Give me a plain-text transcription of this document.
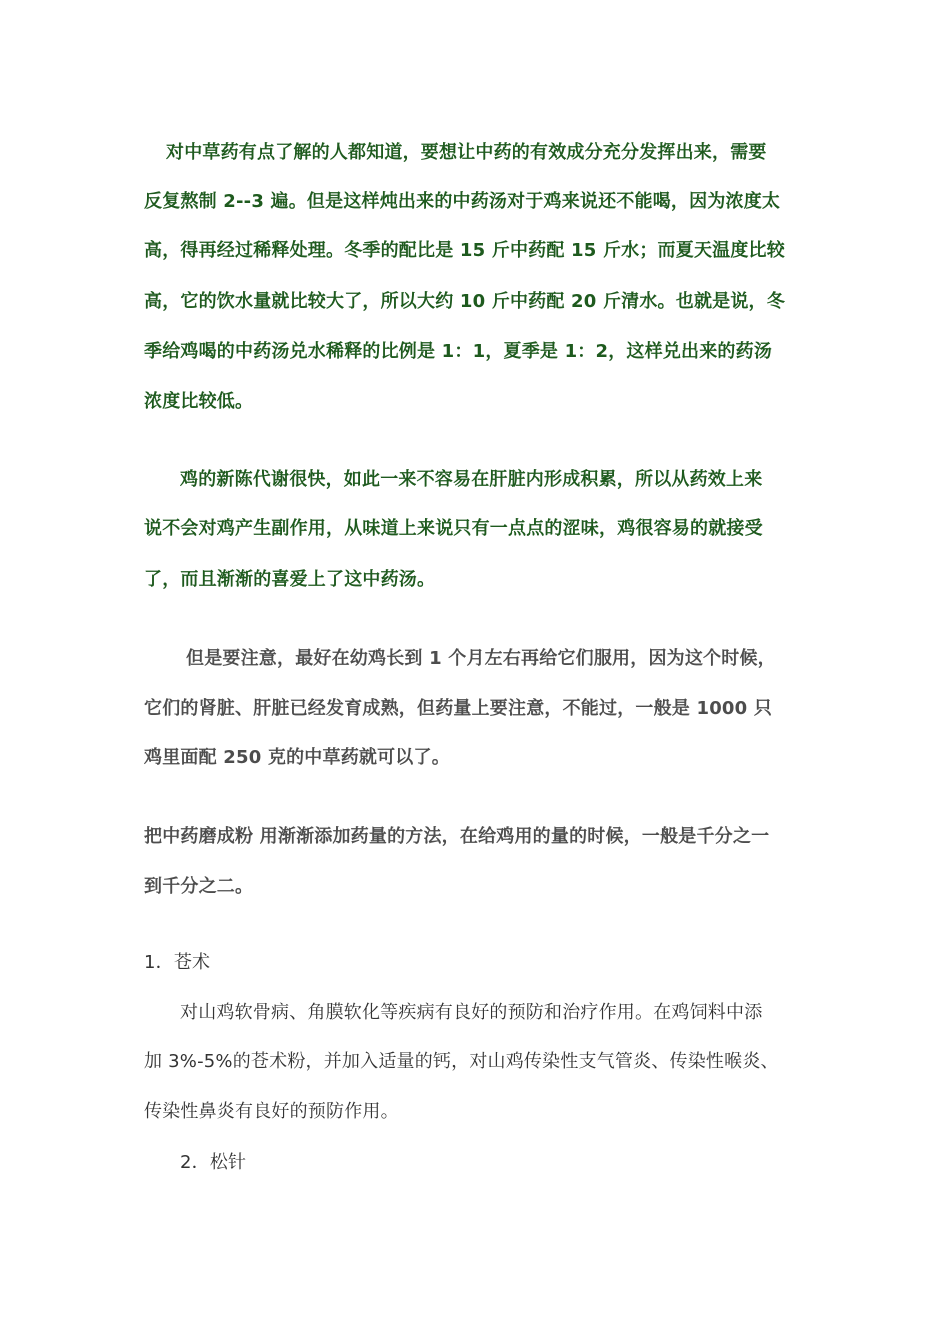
对中草药有点了解的人都知道，要想让中药的有效成分充分发挥出来，需要
反复熬制 2--3 遍。但是这样炖出来的中药汤对于鸡来说还不能喝，因为浓度太
高，得再经过稀释处理。冬季的配比是 15 斤中药配 15 斤水；而夏天温度比较
高，它的饮水量就比较大了，所以大约 10 斤中药配 20 斤清水。也就是说，冬
季给鸡喝的中药汤兑水稀释的比例是 1：1，夏季是 1：2，这样兑出来的药汤
浓度比较低。
鸡的新陈代谢很快，如此一来不容易在肝脏内形成积累，所以从药效上来
说不会对鸡产生副作用，从味道上来说只有一点点的涩味，鸡很容易的就接受
了，而且渐渐的喜爱上了这中药汤。
但是要注意，最好在幼鸡长到 1 个月左右再给它们服用，因为这个时候，
它们的肾脏、肝脏已经发育成熟，但药量上要注意，不能过，一般是 1000 只
鸡里面配 250 克的中草药就可以了。
把中药磨成粉 用渐渐添加药量的方法，在给鸡用的量的时候，一般是千分之一
到千分之二。
1．苍术
对山鸡软骨病、角膜软化等疾病有良好的预防和治疗作用。在鸡饲料中添
加 3%-5%的苍术粉，并加入适量的钙，对山鸡传染性支气管炎、传染性喉炎、
传染性鼻炎有良好的预防作用。
2．松针
